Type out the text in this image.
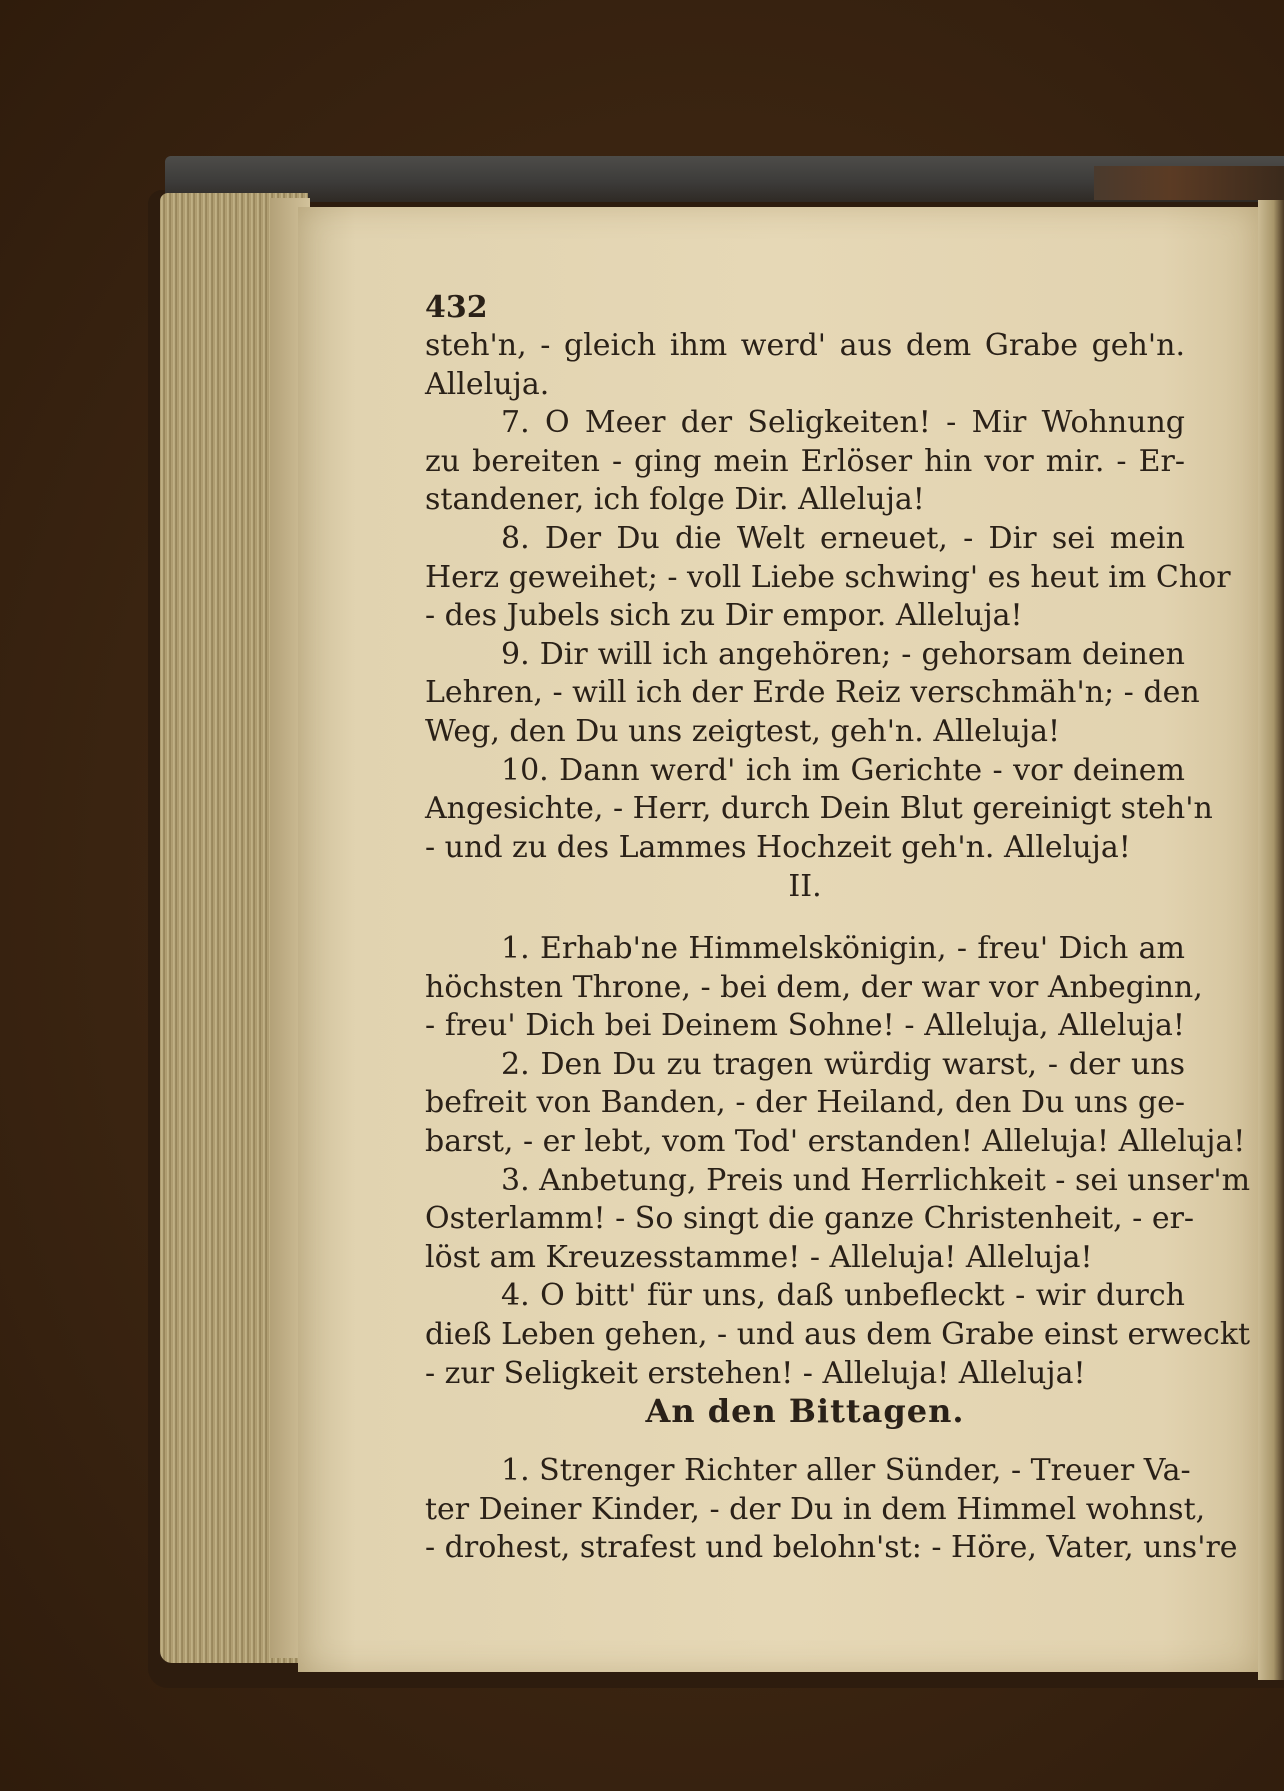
432
steh'n, - gleich ihm werd' aus dem Grabe geh'n.
Alleluja.
7. O Meer der Seligkeiten! - Mir Wohnung
zu bereiten - ging mein Erlöser hin vor mir. - Er-
standener, ich folge Dir. Alleluja!
8. Der Du die Welt erneuet, - Dir sei mein
Herz geweihet; - voll Liebe schwing' es heut im Chor
- des Jubels sich zu Dir empor. Alleluja!
9. Dir will ich angehören; - gehorsam deinen
Lehren, - will ich der Erde Reiz verschmäh'n; - den
Weg, den Du uns zeigtest, geh'n. Alleluja!
10. Dann werd' ich im Gerichte - vor deinem
Angesichte, - Herr, durch Dein Blut gereinigt steh'n
- und zu des Lammes Hochzeit geh'n. Alleluja!
II.
1. Erhab'ne Himmelskönigin, - freu' Dich am
höchsten Throne, - bei dem, der war vor Anbeginn,
- freu' Dich bei Deinem Sohne! - Alleluja, Alleluja!
2. Den Du zu tragen würdig warst, - der uns
befreit von Banden, - der Heiland, den Du uns ge-
barst, - er lebt, vom Tod' erstanden! Alleluja! Alleluja!
3. Anbetung, Preis und Herrlichkeit - sei unser'm
Osterlamm! - So singt die ganze Christenheit, - er-
löst am Kreuzesstamme! - Alleluja! Alleluja!
4. O bitt' für uns, daß unbefleckt - wir durch
dieß Leben gehen, - und aus dem Grabe einst erweckt
- zur Seligkeit erstehen! - Alleluja! Alleluja!
An den Bittagen.
1. Strenger Richter aller Sünder, - Treuer Va-
ter Deiner Kinder, - der Du in dem Himmel wohnst,
- drohest, strafest und belohn'st: - Höre, Vater, uns're
